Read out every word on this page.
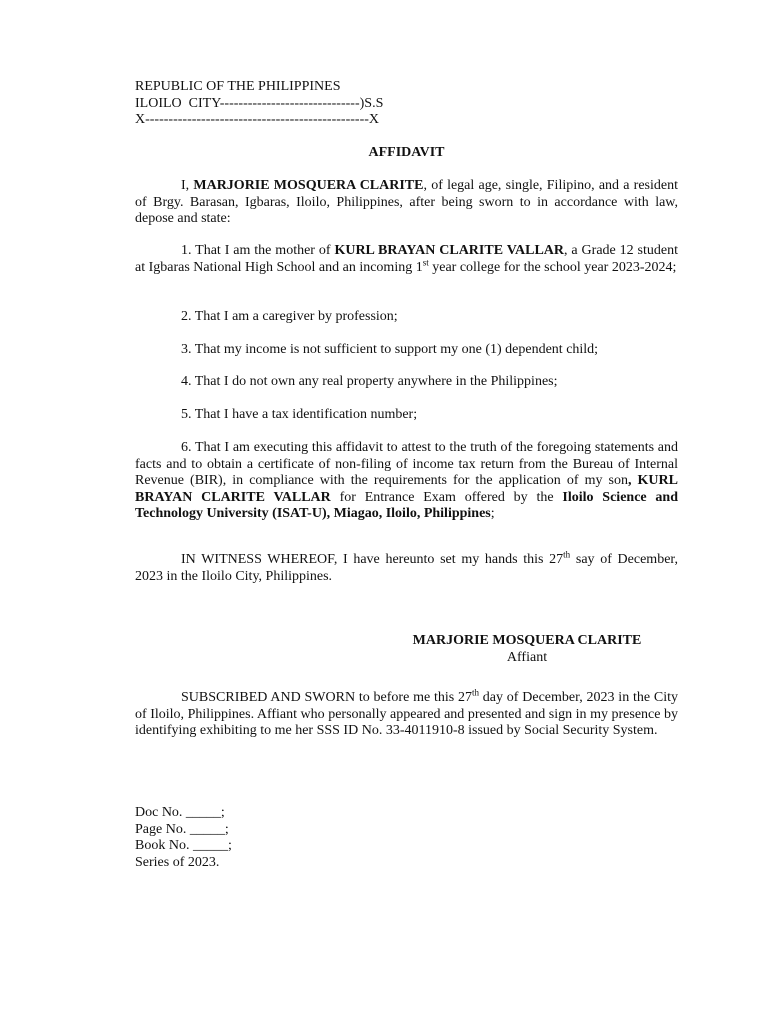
REPUBLIC OF THE PHILIPPINES
ILOILO  CITY------------------------------)S.S
X------------------------------------------------X

AFFIDAVIT

I, MARJORIE MOSQUERA CLARITE, of legal age, single, Filipino, and a resident of Brgy. Barasan, Igbaras, Iloilo, Philippines, after being sworn to in accordance with law, depose and state:

1. That I am the mother of KURL BRAYAN CLARITE VALLAR, a Grade 12 student at Igbaras National High School and an incoming 1st year college for the school year 2023-2024;

2. That I am a caregiver by profession;

3. That my income is not sufficient to support my one (1) dependent child;

4. That I do not own any real property anywhere in the Philippines;

5. That I have a tax identification number;

6. That I am executing this affidavit to attest to the truth of the foregoing statements and facts and to obtain a certificate of non-filing of income tax return from the Bureau of Internal Revenue (BIR), in compliance with the requirements for the application of my son, KURL BRAYAN CLARITE VALLAR for Entrance Exam offered by the Iloilo Science and Technology University (ISAT-U), Miagao, Iloilo, Philippines;

IN WITNESS WHEREOF, I have hereunto set my hands this 27th say of December, 2023 in the Iloilo City, Philippines.

MARJORIE MOSQUERA CLARITE
Affiant

SUBSCRIBED AND SWORN to before me this 27th day of December, 2023 in the City of Iloilo, Philippines. Affiant who personally appeared and presented and sign in my presence by identifying exhibiting to me her SSS ID No. 33-4011910-8 issued by Social Security System.

Doc No. _____;
Page No. _____;
Book No. _____;
Series of 2023.
